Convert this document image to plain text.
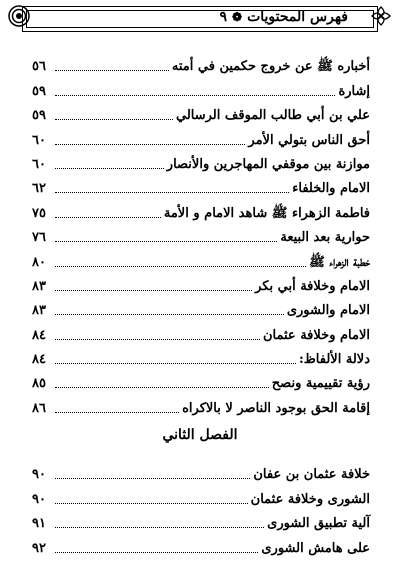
فهرس المحتويات
❁
٩
أخباره ﷺ عن خروج حكمين في أمته
٥٦
إشارة
٥٩
علي بن أبي طالب الموقف الرسالي
٥٩
أحق الناس بتولي الأمر
٦٠
موازنة بين موقفي المهاجرين والأنصار
٦٠
الامام والخلفاء
٦٢
فاطمة الزهراء ﷺ شاهد الامام و الأمة
٧٥
حوارية بعد البيعة
٧٦
خطبة الزهراء ﷺ
٨٠
الامام وخلافة أبي بكر
٨٣
الامام والشورى
٨٣
الامام وخلافة عثمان
٨٤
دلالة الألفاظ:
٨٤
رؤية تقييمية ونصح
٨٥
إقامة الحق بوجود الناصر لا بالاكراه
٨٦
الفصل الثاني
خلافة عثمان بن عفان
٩٠
الشورى وخلافة عثمان
٩٠
آلية تطبيق الشورى
٩١
على هامش الشورى
٩٢
